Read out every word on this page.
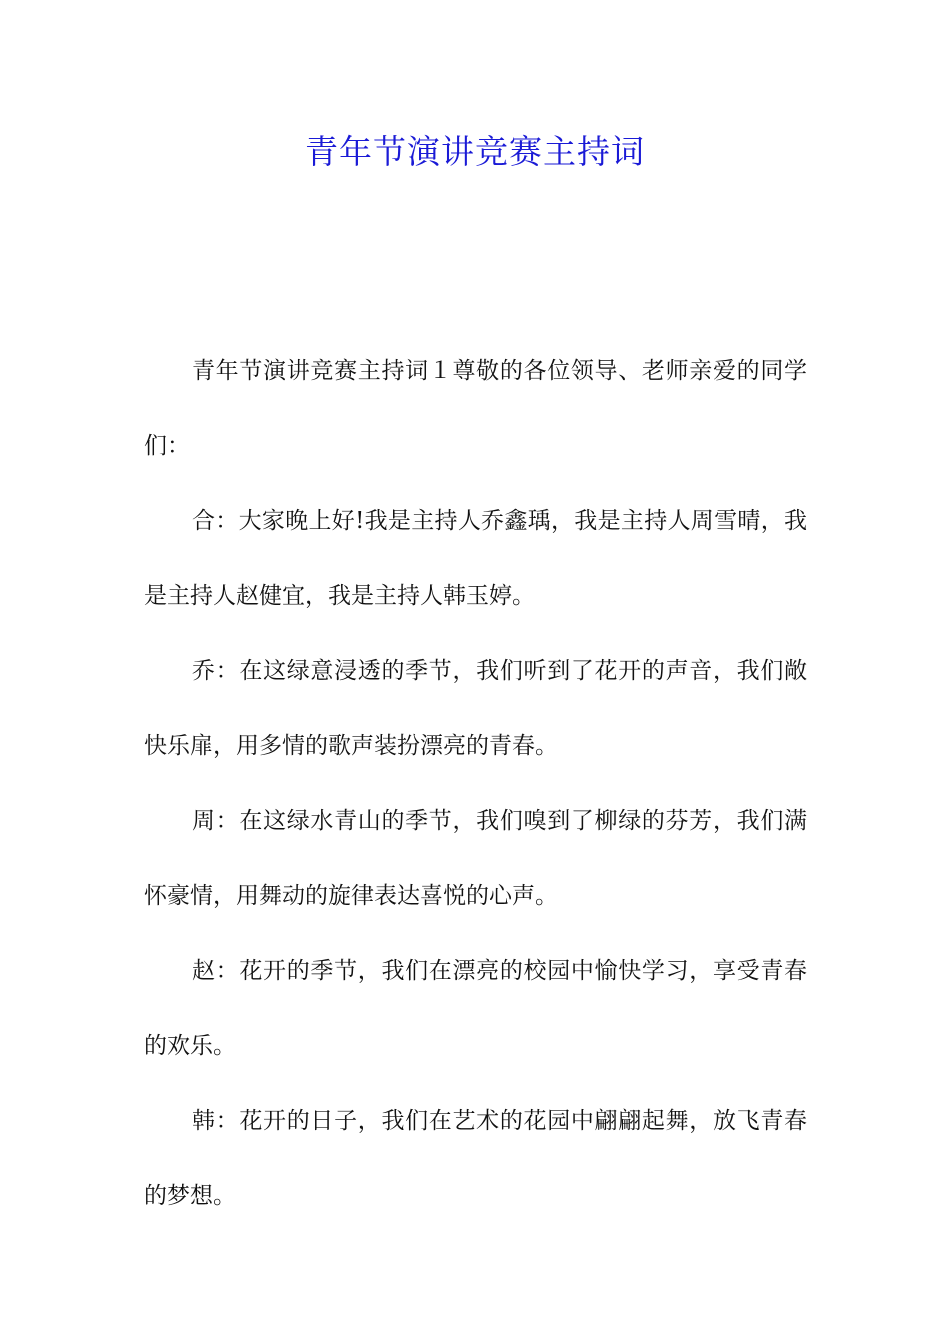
青年节演讲竞赛主持词

青年节演讲竞赛主持词１尊敬的各位领导、老师亲爱的同学们：

合：大家晚上好!我是主持人乔鑫瑀，我是主持人周雪晴，我是主持人赵健宜，我是主持人韩玉婷。

乔：在这绿意浸透的季节，我们听到了花开的声音，我们敞快乐扉，用多情的歌声装扮漂亮的青春。

周：在这绿水青山的季节，我们嗅到了柳绿的芬芳，我们满怀豪情，用舞动的旋律表达喜悦的心声。

赵：花开的季节，我们在漂亮的校园中愉快学习，享受青春的欢乐。

韩：花开的日子，我们在艺术的花园中翩翩起舞，放飞青春的梦想。
